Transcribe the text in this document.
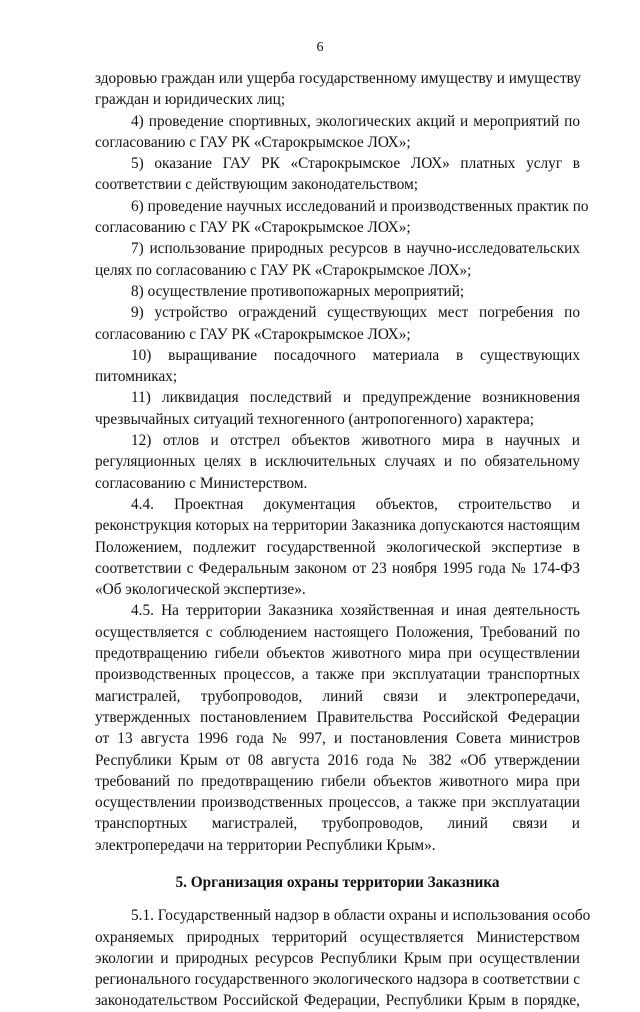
6
здоровью граждан или ущерба государственному имуществу и имуществу
граждан и юридических лиц;
4) проведение спортивных, экологических акций и мероприятий по
согласованию с ГАУ РК «Старокрымское ЛОХ»;
5) оказание ГАУ РК «Старокрымское ЛОХ» платных услуг в
соответствии с действующим законодательством;
6) проведение научных исследований и производственных практик по
согласованию с ГАУ РК «Старокрымское ЛОХ»;
7) использование природных ресурсов в научно-исследовательских
целях по согласованию с ГАУ РК «Старокрымское ЛОХ»;
8) осуществление противопожарных мероприятий;
9) устройство ограждений существующих мест погребения по
согласованию с ГАУ РК «Старокрымское ЛОХ»;
10) выращивание посадочного материала в существующих
питомниках;
11) ликвидация последствий и предупреждение возникновения
чрезвычайных ситуаций техногенного (антропогенного) характера;
12) отлов и отстрел объектов животного мира в научных и
регуляционных целях в исключительных случаях и по обязательному
согласованию с Министерством.
4.4. Проектная документация объектов, строительство и
реконструкция которых на территории Заказника допускаются настоящим
Положением, подлежит государственной экологической экспертизе в
соответствии с Федеральным законом от 23 ноября 1995 года № 174-ФЗ
«Об экологической экспертизе».
4.5. На территории Заказника хозяйственная и иная деятельность
осуществляется с соблюдением настоящего Положения, Требований по
предотвращению гибели объектов животного мира при осуществлении
производственных процессов, а также при эксплуатации транспортных
магистралей, трубопроводов, линий связи и электропередачи,
утвержденных постановлением Правительства Российской Федерации
от 13 августа 1996 года № 997, и постановления Совета министров
Республики Крым от 08 августа 2016 года № 382 «Об утверждении
требований по предотвращению гибели объектов животного мира при
осуществлении производственных процессов, а также при эксплуатации
транспортных магистралей, трубопроводов, линий связи и
электропередачи на территории Республики Крым».
5. Организация охраны территории Заказника
5.1. Государственный надзор в области охраны и использования особо
охраняемых природных территорий осуществляется Министерством
экологии и природных ресурсов Республики Крым при осуществлении
регионального государственного экологического надзора в соответствии с
законодательством Российской Федерации, Республики Крым в порядке,
